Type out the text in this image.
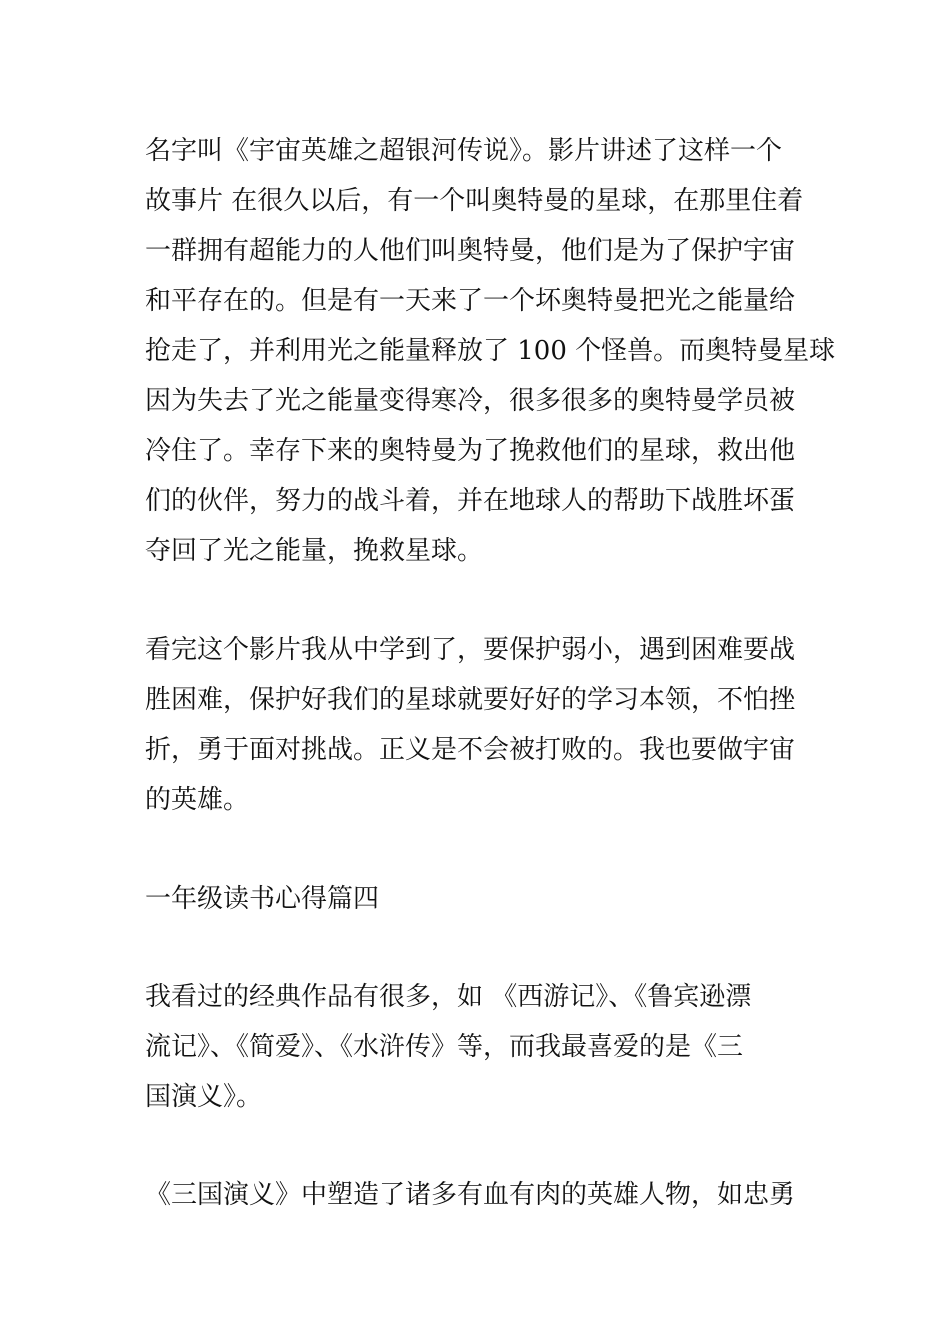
名字叫《宇宙英雄之超银河传说》。影片讲述了这样一个
故事片 在很久以后，有一个叫奥特曼的星球，在那里住着
一群拥有超能力的人他们叫奥特曼，他们是为了保护宇宙
和平存在的。但是有一天来了一个坏奥特曼把光之能量给
抢走了，并利用光之能量释放了 100 个怪兽。而奥特曼星球
因为失去了光之能量变得寒冷，很多很多的奥特曼学员被
冷住了。幸存下来的奥特曼为了挽救他们的星球，救出他
们的伙伴，努力的战斗着，并在地球人的帮助下战胜坏蛋
夺回了光之能量，挽救星球。
看完这个影片我从中学到了，要保护弱小，遇到困难要战
胜困难，保护好我们的星球就要好好的学习本领，不怕挫
折，勇于面对挑战。正义是不会被打败的。我也要做宇宙
的英雄。
一年级读书心得篇四
我看过的经典作品有很多，如 《西游记》、《鲁宾逊漂
流记》、《简爱》、《水浒传》等，而我最喜爱的是《三
国演义》。
《三国演义》中塑造了诸多有血有肉的英雄人物，如忠勇
